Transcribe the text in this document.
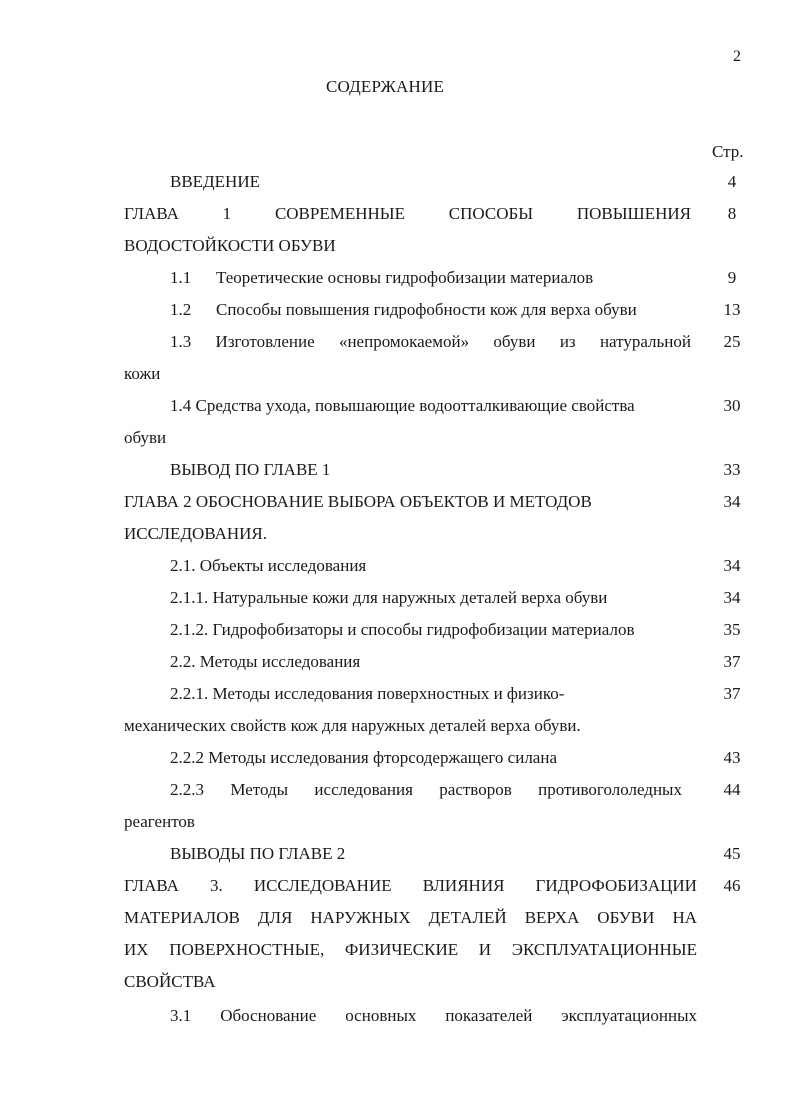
2
СОДЕРЖАНИЕ
Стр.
ВВЕДЕНИЕ	4
ГЛАВА	1	СОВРЕМЕННЫЕ	СПОСОБЫ	ПОВЫШЕНИЯ	8
ВОДОСТОЙКОСТИ ОБУВИ
1.1 Теоретические основы гидрофобизации материалов	9
1.2 Способы повышения гидрофобности кож для верха обуви	13
1.3 Изготовление «непромокаемой» обуви из натуральной	25
кожи
1.4 Средства ухода, повышающие водоотталкивающие свойства	30
обуви
ВЫВОД ПО ГЛАВЕ 1	33
ГЛАВА 2 ОБОСНОВАНИЕ ВЫБОРА ОБЪЕКТОВ И МЕТОДОВ	34
ИССЛЕДОВАНИЯ.
2.1. Объекты исследования	34
2.1.1. Натуральные кожи для наружных деталей верха обуви	34
2.1.2. Гидрофобизаторы и способы гидрофобизации материалов	35
2.2. Методы исследования	37
2.2.1. Методы исследования поверхностных и физико-	37
механических свойств кож для наружных деталей верха обуви.
2.2.2 Методы исследования фторсодержащего силана	43
2.2.3 Методы исследования растворов противогололедных	44
реагентов
ВЫВОДЫ ПО ГЛАВЕ 2	45
ГЛАВА 3. ИССЛЕДОВАНИЕ ВЛИЯНИЯ ГИДРОФОБИЗАЦИИ	46
МАТЕРИАЛОВ ДЛЯ НАРУЖНЫХ ДЕТАЛЕЙ ВЕРХА ОБУВИ НА
ИХ ПОВЕРХНОСТНЫЕ, ФИЗИЧЕСКИЕ И ЭКСПЛУАТАЦИОННЫЕ
СВОЙСТВА
3.1 Обоснование основных показателей эксплуатационных
